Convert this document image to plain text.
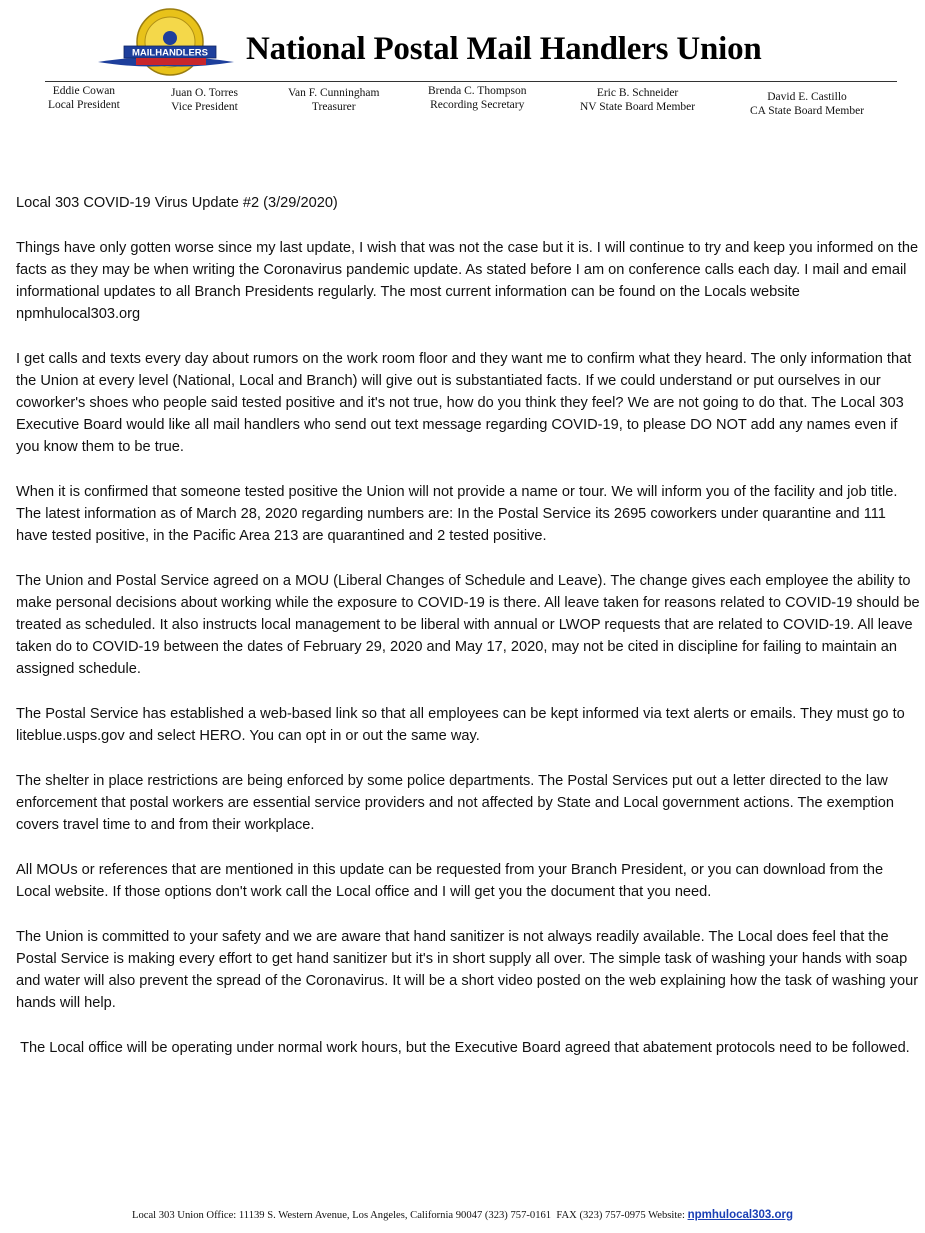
MAILHANDLERS National Postal Mail Handlers Union
Eddie Cowan
Local President
Juan O. Torres
Vice President
Van F. Cunningham
Treasurer
Brenda C. Thompson
Recording Secretary
Eric B. Schneider
NV State Board Member
David E. Castillo
CA State Board Member

Local 303 COVID-19 Virus Update #2 (3/29/2020)

Things have only gotten worse since my last update, I wish that was not the case but it is. I will continue to try and keep you informed on the facts as they may be when writing the Coronavirus pandemic update. As stated before I am on conference calls each day. I mail and email informational updates to all Branch Presidents regularly. The most current information can be found on the Locals website npmhulocal303.org

I get calls and texts every day about rumors on the work room floor and they want me to confirm what they heard. The only information that the Union at every level (National, Local and Branch) will give out is substantiated facts. If we could understand or put ourselves in our coworker's shoes who people said tested positive and it's not true, how do you think they feel? We are not going to do that. The Local 303 Executive Board would like all mail handlers who send out text message regarding COVID-19, to please DO NOT add any names even if you know them to be true.

When it is confirmed that someone tested positive the Union will not provide a name or tour. We will inform you of the facility and job title. The latest information as of March 28, 2020 regarding numbers are: In the Postal Service its 2695 coworkers under quarantine and 111 have tested positive, in the Pacific Area 213 are quarantined and 2 tested positive.

The Union and Postal Service agreed on a MOU (Liberal Changes of Schedule and Leave). The change gives each employee the ability to make personal decisions about working while the exposure to COVID-19 is there. All leave taken for reasons related to COVID-19 should be treated as scheduled. It also instructs local management to be liberal with annual or LWOP requests that are related to COVID-19. All leave taken do to COVID-19 between the dates of February 29, 2020 and May 17, 2020, may not be cited in discipline for failing to maintain an assigned schedule.

The Postal Service has established a web-based link so that all employees can be kept informed via text alerts or emails. They must go to liteblue.usps.gov and select HERO. You can opt in or out the same way.

The shelter in place restrictions are being enforced by some police departments. The Postal Services put out a letter directed to the law enforcement that postal workers are essential service providers and not affected by State and Local government actions. The exemption covers travel time to and from their workplace.

All MOUs or references that are mentioned in this update can be requested from your Branch President, or you can download from the Local website. If those options don't work call the Local office and I will get you the document that you need.

The Union is committed to your safety and we are aware that hand sanitizer is not always readily available. The Local does feel that the Postal Service is making every effort to get hand sanitizer but it's in short supply all over. The simple task of washing your hands with soap and water will also prevent the spread of the Coronavirus. It will be a short video posted on the web explaining how the task of washing your hands will help.

The Local office will be operating under normal work hours, but the Executive Board agreed that abatement protocols need to be followed.

Local 303 Union Office: 11139 S. Western Avenue, Los Angeles, California 90047 (323) 757-0161  FAX (323) 757-0975 Website: npmhulocal303.org
